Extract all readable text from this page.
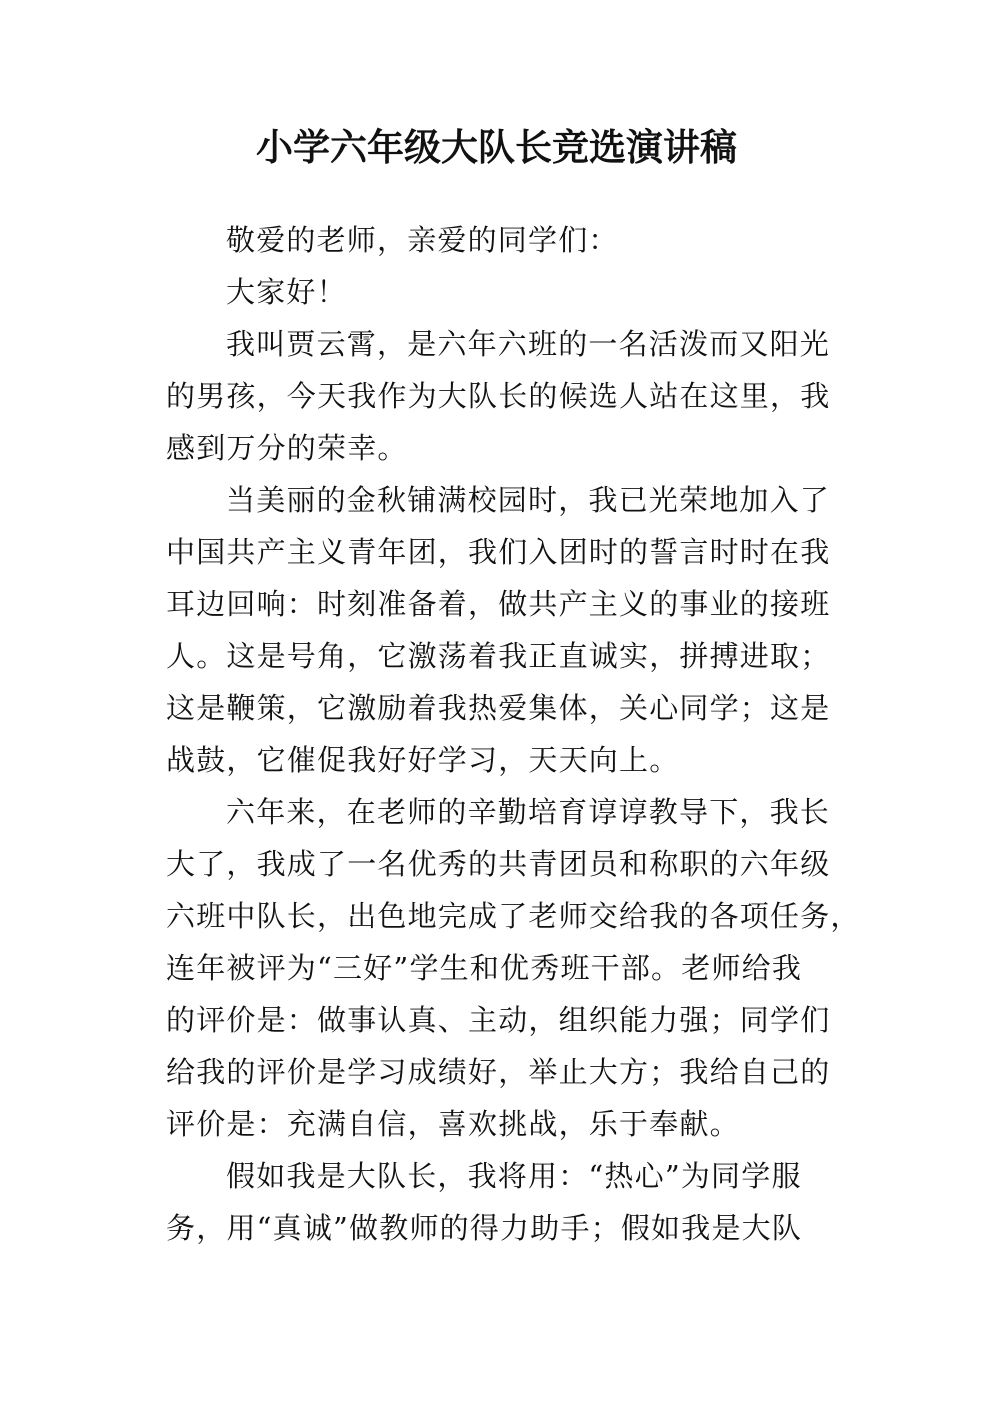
小学六年级大队长竞选演讲稿
敬爱的老师，亲爱的同学们：
大家好！
我叫贾云霄，是六年六班的一名活泼而又阳光
的男孩，今天我作为大队长的候选人站在这里，我
感到万分的荣幸。
当美丽的金秋铺满校园时，我已光荣地加入了
中国共产主义青年团，我们入团时的誓言时时在我
耳边回响：时刻准备着，做共产主义的事业的接班
人。这是号角，它激荡着我正直诚实，拼搏进取；
这是鞭策，它激励着我热爱集体，关心同学；这是
战鼓，它催促我好好学习，天天向上。
六年来，在老师的辛勤培育谆谆教导下，我长
大了，我成了一名优秀的共青团员和称职的六年级
六班中队长，出色地完成了老师交给我的各项任务，
连年被评为“三好”学生和优秀班干部。老师给我
的评价是：做事认真、主动，组织能力强；同学们
给我的评价是学习成绩好，举止大方；我给自己的
评价是：充满自信，喜欢挑战，乐于奉献。
假如我是大队长，我将用：“热心”为同学服
务，用“真诚”做教师的得力助手；假如我是大队
